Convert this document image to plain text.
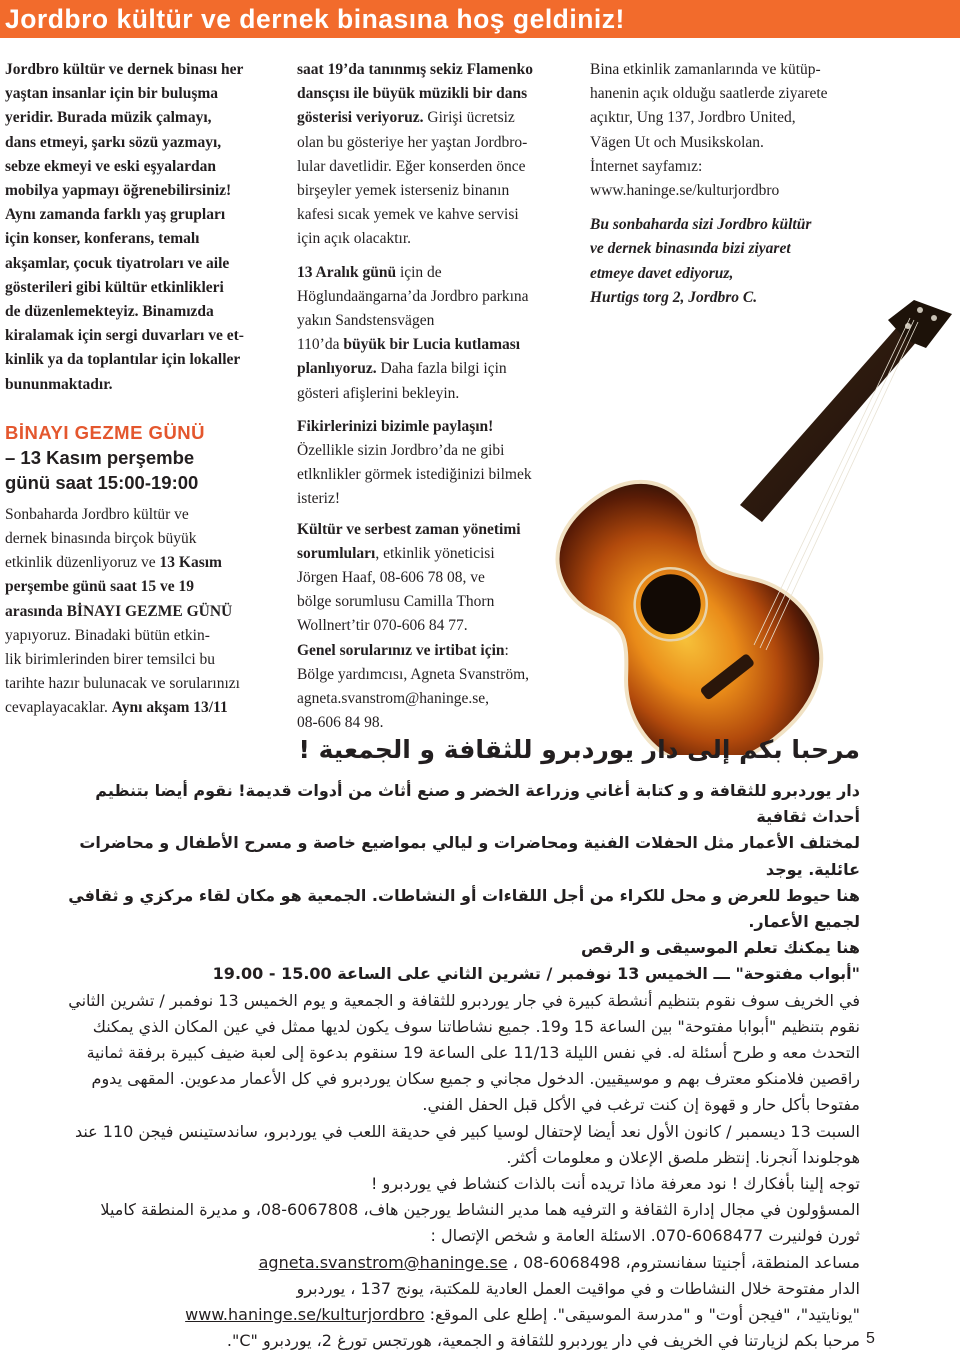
Jordbro kültür ve dernek binasına hoş geldiniz!

Jordbro kültür ve dernek binası her

yaştan insanlar için bir buluşma

yeridir. Burada müzik çalmayı,

dans etmeyi, şarkı sözü yazmayı,

sebze ekmeyi ve eski eşyalardan

mobilya yapmayı öğrenebilirsiniz!

Aynı zamanda farklı yaş grupları

için konser, konferans, temalı

akşamlar, çocuk tiyatroları ve aile

gösterileri gibi kültür etkinlikleri

de düzenlemekteyiz. Binamızda

kiralamak için sergi duvarları ve et-

kinlik ya da toplantılar için lokaller

bununmaktadır.

BİNAYI GEZME GÜNÜ

– 13 Kasım perşembe

günü saat 15:00-19:00

Sonbaharda Jordbro kültür ve

dernek binasında birçok büyük

etkinlik düzenliyoruz ve 13 Kasım

perşembe günü saat 15 ve 19

arasında BİNAYI GEZME GÜNÜ

yapıyoruz. Binadaki bütün etkin-

lik birimlerinden birer temsilci bu

tarihte hazır bulunacak ve sorularınızı

cevaplayacaklar. Aynı akşam 13/11

saat 19’da tanınmış sekiz Flamenko

dansçısı ile büyük müzikli bir dans

gösterisi veriyoruz. Girişi ücretsiz

olan bu gösteriye her yaştan Jordbro-

lular davetlidir. Eğer konserden önce

birşeyler yemek isterseniz binanın

kafesi sıcak yemek ve kahve servisi

için açık olacaktır.

13 Aralık günü için de

Höglundaängarna’da Jordbro parkına

yakın Sandstensvägen

110’da büyük bir Lucia kutlaması

planlıyoruz. Daha fazla bilgi için

gösteri afişlerini bekleyin.

Fikirlerinizi bizimle paylaşın!

Özellikle sizin Jordbro’da ne gibi

etlknlikler görmek istediğinizi bilmek

isteriz!

Kültür ve serbest zaman yönetimi

sorumluları, etkinlik yöneticisi

Jörgen Haaf, 08-606 78 08, ve

bölge sorumlusu Camilla Thorn

Wollnert’tir 070-606 84 77.

Genel sorularınız ve irtibat için:

Bölge yardımcısı, Agneta Svanström,

agneta.svanstrom@haninge.se,

08-606 84 98.

Bina etkinlik zamanlarında ve kütüp-

hanenin açık olduğu saatlerde ziyarete

açıktır, Ung 137, Jordbro United,

Vägen Ut och Musikskolan.

İnternet sayfamız:

www.haninge.se/kulturjordbro

Bu sonbaharda sizi Jordbro kültür

ve dernek binasında bizi ziyaret

etmeye davet ediyoruz,

Hurtigs torg 2, Jordbro C.

مرحبا بكم إلى دار يوردبرو للثقافة و الجمعية !

دار يوردبرو للثقافة و و كتابة أغاني وزراعة الخضر و صنع أثاث من أدوات قديمة! نقوم أيضا بتنظيم أحداث ثقافية

لمختلف الأعمار مثل الحفلات الفنية ومحاضرات و ليالي بمواضيع خاصة و مسرح الأطفال و محاضرات عائلية. يوجد

هنا حيوط للعرض و محل للكراء من أجل اللقاءات أو النشاطات. الجمعية هو مكان لقاء مركزي و ثقافي لجميع الأعمار.

هنا يمكنك تعلم الموسيقى و الرقص

"أبواب مفتوحة" ـــ الخميس 13 نوفمبر / تشرين الثاني على الساعة 15.00 - 19.00

في الخريف سوف نقوم بتنظيم أنشطة كبيرة في جار يوردبرو للثقافة و الجمعية و يوم الخميس 13 نوفمبر / تشرين الثاني

نقوم بتنظيم "أبوابا مفتوحة" بين الساعة 15 و19. جميع نشاطاتنا سوف يكون لديها ممثل في عين المكان الذي يمكنك

التحدث معه و طرح أسئلة له. في نفس الليلة 11/13 على الساعة 19 سنقوم بدعوة إلى لعبة ضيف كبيرة برفقة ثمانية

راقصين فلامنكو معترف بهم و موسيقيين. الدخول مجاني و جميع سكان يوردبرو في كل الأعمار مدعوين. المقهى يدوم

مفتوحا بأكل حار و قهوة إن كنت ترغب في الأكل قبل الحفل الفني.

السبت 13 ديسمبر / كانون الأول نعد أيضا لإحتفال لوسيا كبير في حديقة اللعب في يوردبرو، ساندستينس فيجن 110 عند

هوجلوندا آنجرنا. إنتظر ملصق الإعلان و معلومات أكثر.

توجه إلينا بأفكارك ! نود معرفة ماذا تريده أنت بالذات كنشاط في يوردبرو !

المسؤولون في مجال إدارة الثقافة و الترفيه هما مدير النشاط يورجين هاف، 6067808-08، و مديرة المنطقة كاميلا

ثورن فولنيرت 6068477-070. الاسئلة العامة و شخص الإتصال :

مساعد المنطقة، أجنيتا سفانستروم، 6068498-08 ، agneta.svanstrom@haninge.se

الدار مفتوحة خلال النشاطات و في مواقيت العمل العادية للمكتبة، يونج 137 ، يوردبرو

"يونايتيد"، "فيجن أوت" و "مدرسة الموسيقى". إطلع على الموقع: www.haninge.se/kulturjordbro

مرحبا بكم لزيارتنا في الخريف في دار يوردبرو للثقافة و الجمعية، هورتجس تورغ 2، يوردبرو "C". 5
